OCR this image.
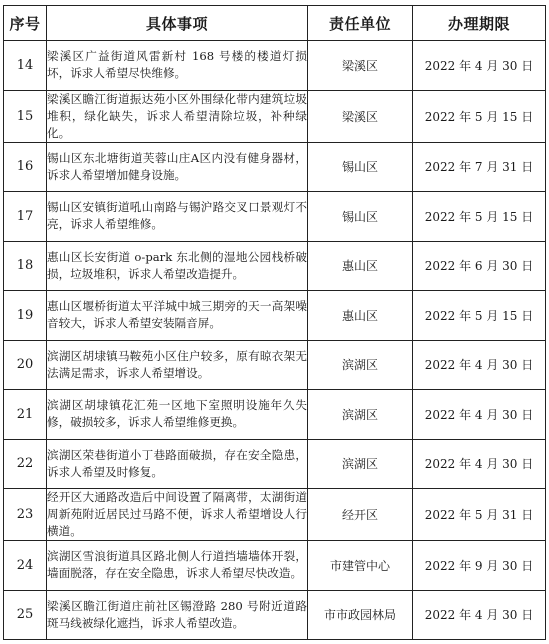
序号	具体事项	责任单位	办理期限
14	梁溪区广益街道风雷新村 168 号楼的楼道灯损坏，诉求人希望尽快维修。	梁溪区	2022 年 4 月 30 日
15	梁溪区瞻江街道振达苑小区外围绿化带内建筑垃圾堆积，绿化缺失，诉求人希望清除垃圾，补种绿化。	梁溪区	2022 年 5 月 15 日
16	锡山区东北塘街道芙蓉山庄A区内没有健身器材，诉求人希望增加健身设施。	锡山区	2022 年 7 月 31 日
17	锡山区安镇街道吼山南路与锡沪路交叉口景观灯不亮，诉求人希望维修。	锡山区	2022 年 5 月 15 日
18	惠山区长安街道 o-park 东北侧的湿地公园栈桥破损，垃圾堆积，诉求人希望改造提升。	惠山区	2022 年 6 月 30 日
19	惠山区堰桥街道太平洋城中城三期旁的天一高架噪音较大，诉求人希望安装隔音屏。	惠山区	2022 年 5 月 15 日
20	滨湖区胡埭镇马鞍苑小区住户较多，原有晾衣架无法满足需求，诉求人希望增设。	滨湖区	2022 年 4 月 30 日
21	滨湖区胡埭镇花汇苑一区地下室照明设施年久失修，破损较多，诉求人希望维修更换。	滨湖区	2022 年 4 月 30 日
22	滨湖区荣巷街道小丁巷路面破损，存在安全隐患，诉求人希望及时修复。	滨湖区	2022 年 4 月 30 日
23	经开区大通路改造后中间设置了隔离带，太湖街道周新苑附近居民过马路不便，诉求人希望增设人行横道。	经开区	2022 年 5 月 31 日
24	滨湖区雪浪街道具区路北侧人行道挡墙墙体开裂，墙面脱落，存在安全隐患，诉求人希望尽快改造。	市建管中心	2022 年 9 月 30 日
25	梁溪区瞻江街道庄前社区锡澄路 280 号附近道路斑马线被绿化遮挡，诉求人希望改造。	市市政园林局	2022 年 4 月 30 日
